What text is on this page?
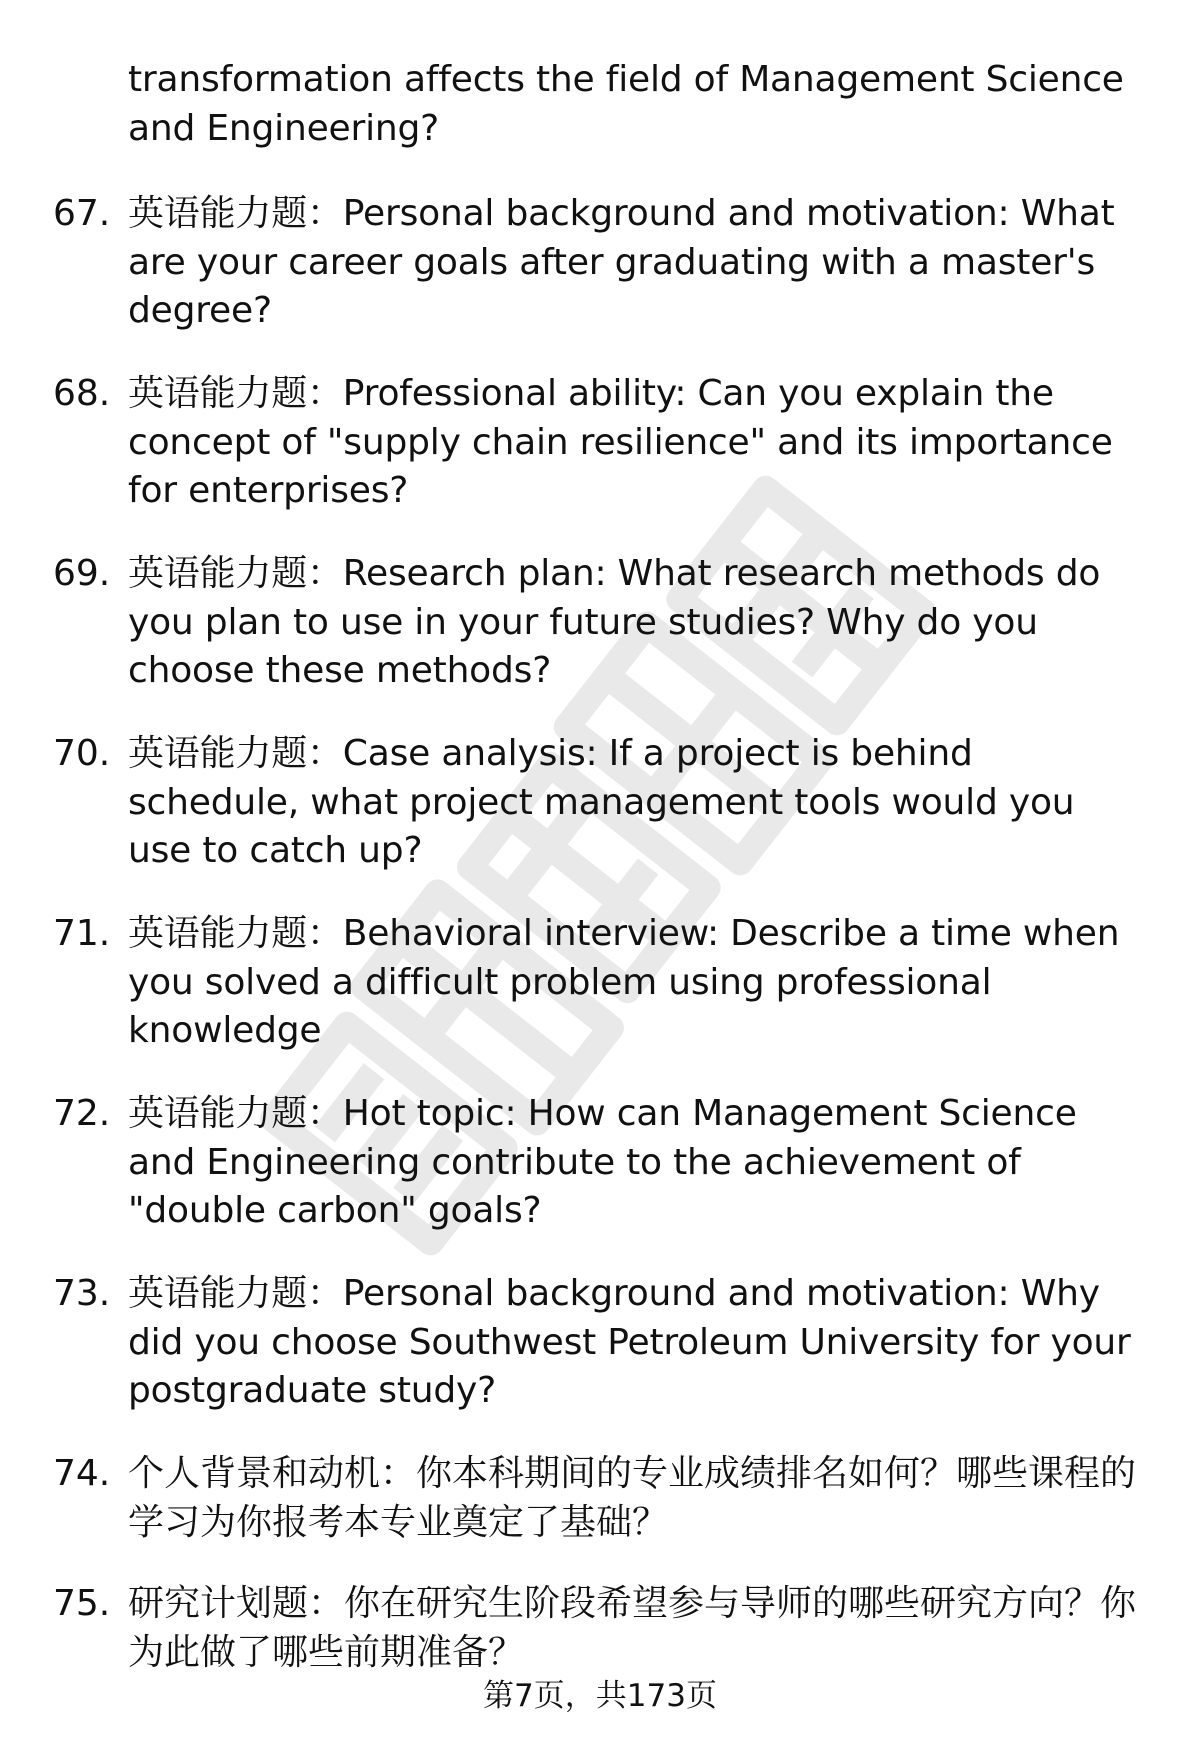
transformation affects the field of Management Science and Engineering?
67. 英语能力题：Personal background and motivation: What are your career goals after graduating with a master's degree?
68. 英语能力题：Professional ability: Can you explain the concept of "supply chain resilience" and its importance for enterprises?
69. 英语能力题：Research plan: What research methods do you plan to use in your future studies? Why do you choose these methods?
70. 英语能力题：Case analysis: If a project is behind schedule, what project management tools would you use to catch up?
71. 英语能力题：Behavioral interview: Describe a time when you solved a difficult problem using professional knowledge
72. 英语能力题：Hot topic: How can Management Science and Engineering contribute to the achievement of "double carbon" goals?
73. 英语能力题：Personal background and motivation: Why did you choose Southwest Petroleum University for your postgraduate study?
74. 个人背景和动机：你本科期间的专业成绩排名如何？哪些课程的学习为你报考本专业奠定了基础？
75. 研究计划题：你在研究生阶段希望参与导师的哪些研究方向？你为此做了哪些前期准备？
第7页，共173页
